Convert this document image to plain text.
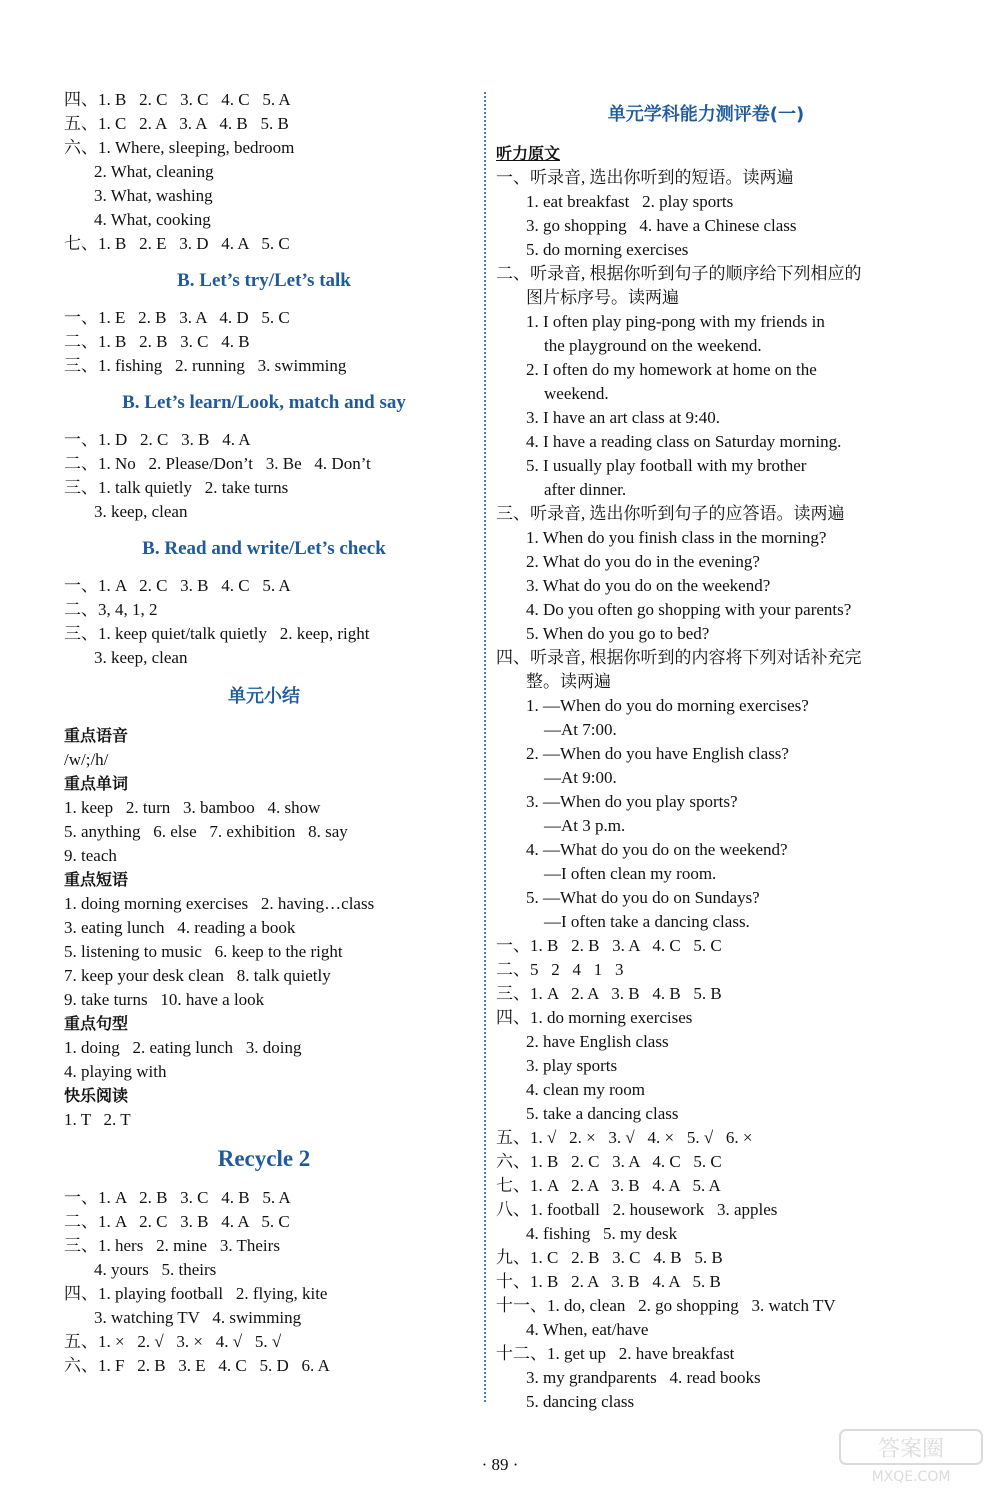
四、1. B   2. C   3. C   4. C   5. A
五、1. C   2. A   3. A   4. B   5. B
六、1. Where, sleeping, bedroom
2. What, cleaning
3. What, washing
4. What, cooking
七、1. B   2. E   3. D   4. A   5. C
B. Let’s try/Let’s talk
一、1. E   2. B   3. A   4. D   5. C
二、1. B   2. B   3. C   4. B
三、1. fishing   2. running   3. swimming
B. Let’s learn/Look, match and say
一、1. D   2. C   3. B   4. A
二、1. No   2. Please/Don’t   3. Be   4. Don’t
三、1. talk quietly   2. take turns
3. keep, clean
B. Read and write/Let’s check
一、1. A   2. C   3. B   4. C   5. A
二、3, 4, 1, 2
三、1. keep quiet/talk quietly   2. keep, right
3. keep, clean
单元小结
重点语音
/w/;/h/
重点单词
1. keep   2. turn   3. bamboo   4. show
5. anything   6. else   7. exhibition   8. say
9. teach
重点短语
1. doing morning exercises   2. having…class
3. eating lunch   4. reading a book
5. listening to music   6. keep to the right
7. keep your desk clean   8. talk quietly
9. take turns   10. have a look
重点句型
1. doing   2. eating lunch   3. doing
4. playing with
快乐阅读
1. T   2. T
Recycle 2
一、1. A   2. B   3. C   4. B   5. A
二、1. A   2. C   3. B   4. A   5. C
三、1. hers   2. mine   3. Theirs
4. yours   5. theirs
四、1. playing football   2. flying, kite
3. watching TV   4. swimming
五、1. ×   2. √   3. ×   4. √   5. √
六、1. F   2. B   3. E   4. C   5. D   6. A
单元学科能力测评卷(一)
听力原文
一、听录音, 选出你听到的短语。读两遍
1. eat breakfast   2. play sports
3. go shopping   4. have a Chinese class
5. do morning exercises
二、听录音, 根据你听到句子的顺序给下列相应的
图片标序号。读两遍
1. I often play ping-pong with my friends in
the playground on the weekend.
2. I often do my homework at home on the
weekend.
3. I have an art class at 9:40.
4. I have a reading class on Saturday morning.
5. I usually play football with my brother
after dinner.
三、听录音, 选出你听到句子的应答语。读两遍
1. When do you finish class in the morning?
2. What do you do in the evening?
3. What do you do on the weekend?
4. Do you often go shopping with your parents?
5. When do you go to bed?
四、听录音, 根据你听到的内容将下列对话补充完
整。读两遍
1. —When do you do morning exercises?
—At 7:00.
2. —When do you have English class?
—At 9:00.
3. —When do you play sports?
—At 3 p.m.
4. —What do you do on the weekend?
—I often clean my room.
5. —What do you do on Sundays?
—I often take a dancing class.
一、1. B   2. B   3. A   4. C   5. C
二、5   2   4   1   3
三、1. A   2. A   3. B   4. B   5. B
四、1. do morning exercises
2. have English class
3. play sports
4. clean my room
5. take a dancing class
五、1. √   2. ×   3. √   4. ×   5. √   6. ×
六、1. B   2. C   3. A   4. C   5. C
七、1. A   2. A   3. B   4. A   5. A
八、1. football   2. housework   3. apples
4. fishing   5. my desk
九、1. C   2. B   3. C   4. B   5. B
十、1. B   2. A   3. B   4. A   5. B
十一、1. do, clean   2. go shopping   3. watch TV
4. When, eat/have
十二、1. get up   2. have breakfast
3. my grandparents   4. read books
5. dancing class
· 89 ·
答案圈
MXQE.COM
